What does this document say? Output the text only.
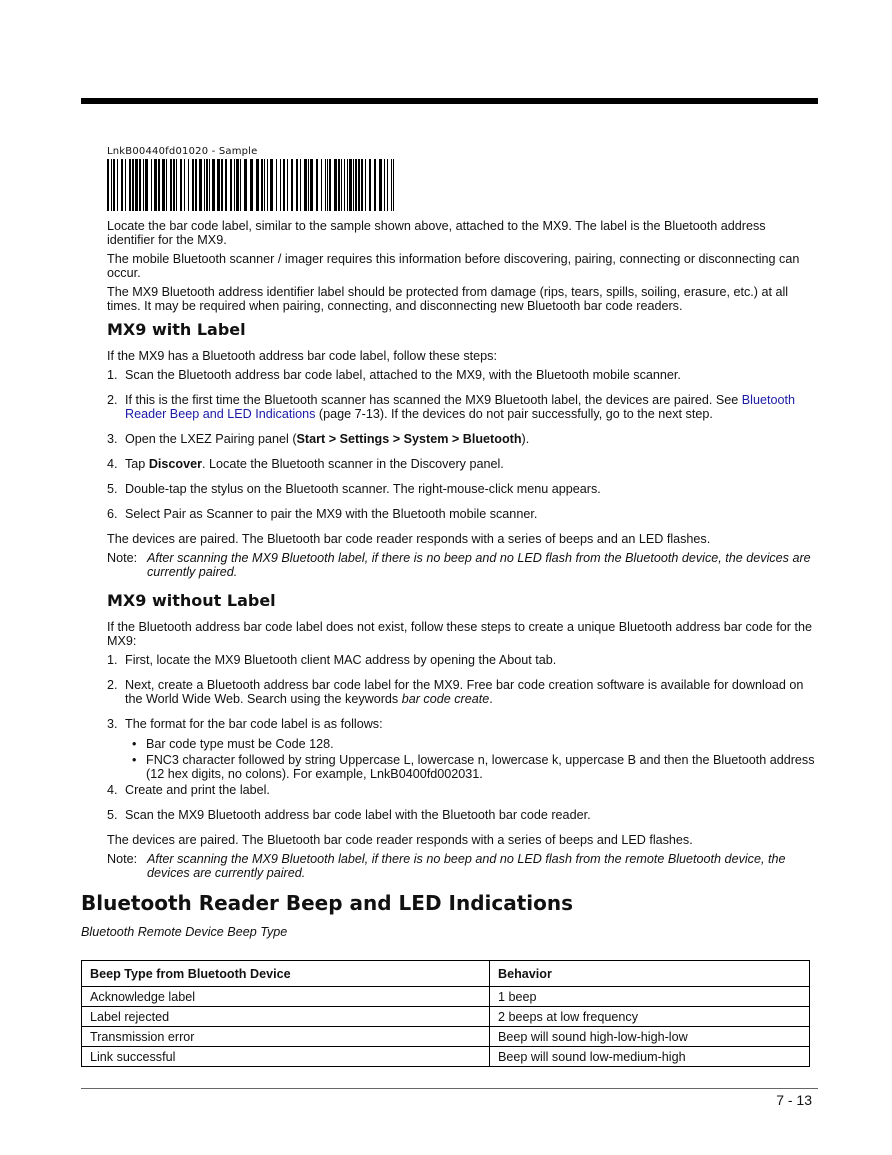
LnkB00440fd01020 - Sample

Locate the bar code label, similar to the sample shown above, attached to the MX9. The label is the Bluetooth address identifier for the MX9.

The mobile Bluetooth scanner / imager requires this information before discovering, pairing, connecting or disconnecting can occur.

The MX9 Bluetooth address identifier label should be protected from damage (rips, tears, spills, soiling, erasure, etc.) at all times. It may be required when pairing, connecting, and disconnecting new Bluetooth bar code readers.

MX9 with Label

If the MX9 has a Bluetooth address bar code label, follow these steps:

1. Scan the Bluetooth address bar code label, attached to the MX9, with the Bluetooth mobile scanner.
2. If this is the first time the Bluetooth scanner has scanned the MX9 Bluetooth label, the devices are paired. See Bluetooth Reader Beep and LED Indications (page 7-13). If the devices do not pair successfully, go to the next step.
3. Open the LXEZ Pairing panel (Start > Settings > System > Bluetooth).
4. Tap Discover. Locate the Bluetooth scanner in the Discovery panel.
5. Double-tap the stylus on the Bluetooth scanner. The right-mouse-click menu appears.
6. Select Pair as Scanner to pair the MX9 with the Bluetooth mobile scanner.

The devices are paired. The Bluetooth bar code reader responds with a series of beeps and an LED flashes.

Note: After scanning the MX9 Bluetooth label, if there is no beep and no LED flash from the Bluetooth device, the devices are currently paired.
MX9 without Label

If the Bluetooth address bar code label does not exist, follow these steps to create a unique Bluetooth address bar code for the MX9:

1. First, locate the MX9 Bluetooth client MAC address by opening the About tab.
2. Next, create a Bluetooth address bar code label for the MX9. Free bar code creation software is available for download on the World Wide Web. Search using the keywords bar code create.
3. The format for the bar code label is as follows:
• Bar code type must be Code 128.
• FNC3 character followed by string Uppercase L, lowercase n, lowercase k, uppercase B and then the Bluetooth address (12 hex digits, no colons). For example, LnkB0400fd002031.
4. Create and print the label.
5. Scan the MX9 Bluetooth address bar code label with the Bluetooth bar code reader.

The devices are paired. The Bluetooth bar code reader responds with a series of beeps and LED flashes.

Note: After scanning the MX9 Bluetooth label, if there is no beep and no LED flash from the remote Bluetooth device, the devices are currently paired.
Bluetooth Reader Beep and LED Indications
Bluetooth Remote Device Beep Type
Beep Type from Bluetooth Device	Behavior
Acknowledge label	1 beep
Label rejected	2 beeps at low frequency
Transmission error	Beep will sound high-low-high-low
Link successful	Beep will sound low-medium-high
7 - 13
